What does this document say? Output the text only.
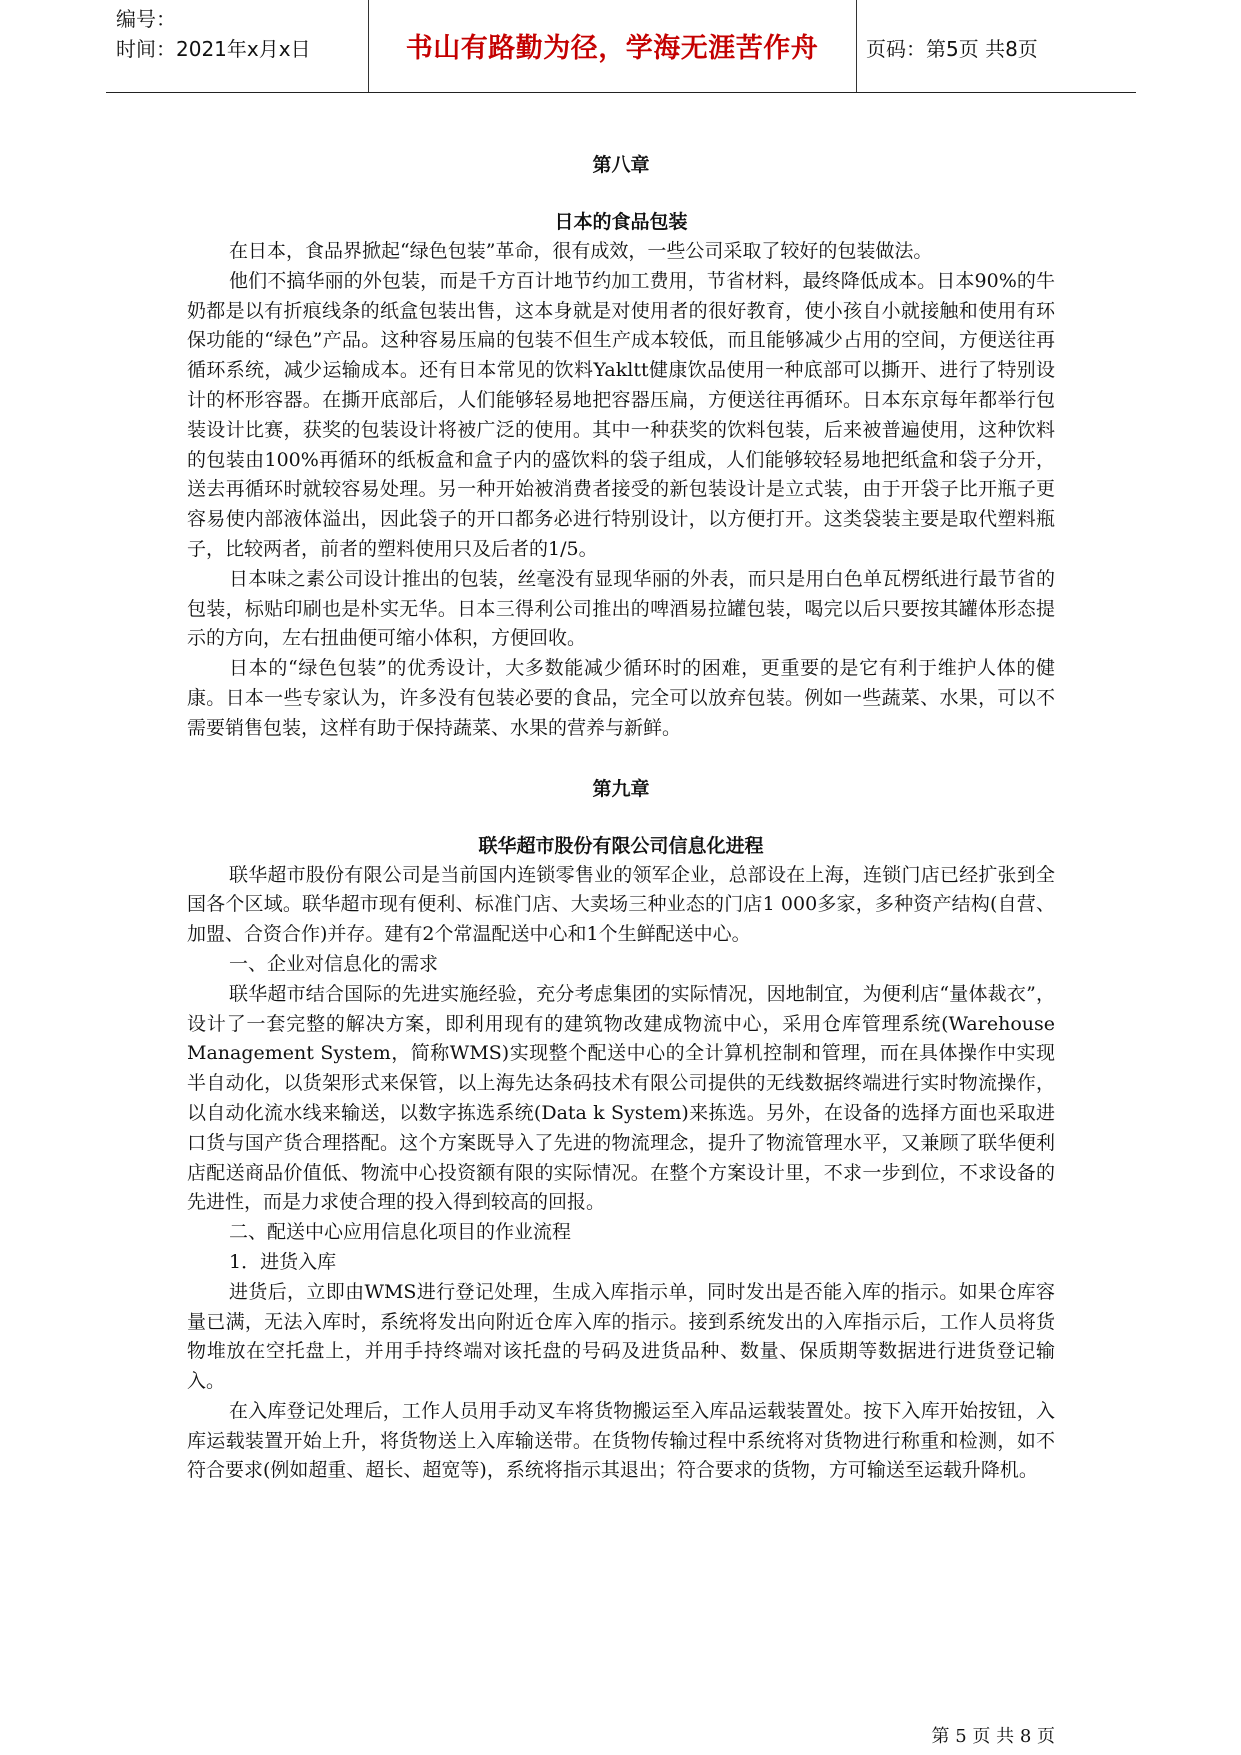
编号：
时间：2021年x月x日	书山有路勤为径，学海无涯苦作舟	页码：第5页 共8页
第八章
日本的食品包装

在日本，食品界掀起“绿色包装”革命，很有成效，一些公司采取了较好的包装做法。

他们不搞华丽的外包装，而是千方百计地节约加工费用，节省材料，最终降低成本。日本90%的牛奶都是以有折痕线条的纸盒包装出售，这本身就是对使用者的很好教育，使小孩自小就接触和使用有环保功能的“绿色”产品。这种容易压扁的包装不但生产成本较低，而且能够减少占用的空间，方便送往再循环系统，减少运输成本。还有日本常见的饮料Yakltt健康饮品使用一种底部可以撕开、进行了特别设计的杯形容器。在撕开底部后，人们能够轻易地把容器压扁，方便送往再循环。日本东京每年都举行包装设计比赛，获奖的包装设计将被广泛的使用。其中一种获奖的饮料包装，后来被普遍使用，这种饮料的包装由100%再循环的纸板盒和盒子内的盛饮料的袋子组成，人们能够较轻易地把纸盒和袋子分开，送去再循环时就较容易处理。另一种开始被消费者接受的新包装设计是立式装，由于开袋子比开瓶子更容易使内部液体溢出，因此袋子的开口都务必进行特别设计，以方便打开。这类袋装主要是取代塑料瓶子，比较两者，前者的塑料使用只及后者的1/5。

日本味之素公司设计推出的包装，丝毫没有显现华丽的外表，而只是用白色单瓦楞纸进行最节省的包装，标贴印刷也是朴实无华。日本三得利公司推出的啤酒易拉罐包装，喝完以后只要按其罐体形态提示的方向，左右扭曲便可缩小体积，方便回收。

日本的“绿色包装”的优秀设计，大多数能减少循环时的困难，更重要的是它有利于维护人体的健康。日本一些专家认为，许多没有包装必要的食品，完全可以放弃包装。例如一些蔬菜、水果，可以不需要销售包装，这样有助于保持蔬菜、水果的营养与新鲜。

第九章
联华超市股份有限公司信息化进程

联华超市股份有限公司是当前国内连锁零售业的领军企业，总部设在上海，连锁门店已经扩张到全国各个区域。联华超市现有便利、标准门店、大卖场三种业态的门店1 000多家，多种资产结构(自营、加盟、合资合作)并存。建有2个常温配送中心和1个生鲜配送中心。

一、企业对信息化的需求

联华超市结合国际的先进实施经验，充分考虑集团的实际情况，因地制宜，为便利店“量体裁衣”，设计了一套完整的解决方案，即利用现有的建筑物改建成物流中心，采用仓库管理系统(Warehouse Management System，简称WMS)实现整个配送中心的全计算机控制和管理，而在具体操作中实现半自动化，以货架形式来保管，以上海先达条码技术有限公司提供的无线数据终端进行实时物流操作，以自动化流水线来输送，以数字拣选系统(Data k System)来拣选。另外，在设备的选择方面也采取进口货与国产货合理搭配。这个方案既导入了先进的物流理念，提升了物流管理水平，又兼顾了联华便利店配送商品价值低、物流中心投资额有限的实际情况。在整个方案设计里，不求一步到位，不求设备的先进性，而是力求使合理的投入得到较高的回报。

二、配送中心应用信息化项目的作业流程

1．进货入库

进货后，立即由WMS进行登记处理，生成入库指示单，同时发出是否能入库的指示。如果仓库容量已满，无法入库时，系统将发出向附近仓库入库的指示。接到系统发出的入库指示后，工作人员将货物堆放在空托盘上，并用手持终端对该托盘的号码及进货品种、数量、保质期等数据进行进货登记输入。

在入库登记处理后，工作人员用手动叉车将货物搬运至入库品运载装置处。按下入库开始按钮，入库运载装置开始上升，将货物送上入库输送带。在货物传输过程中系统将对货物进行称重和检测，如不符合要求(例如超重、超长、超宽等)，系统将指示其退出；符合要求的货物，方可输送至运载升降机。

第 5 页 共 8 页
